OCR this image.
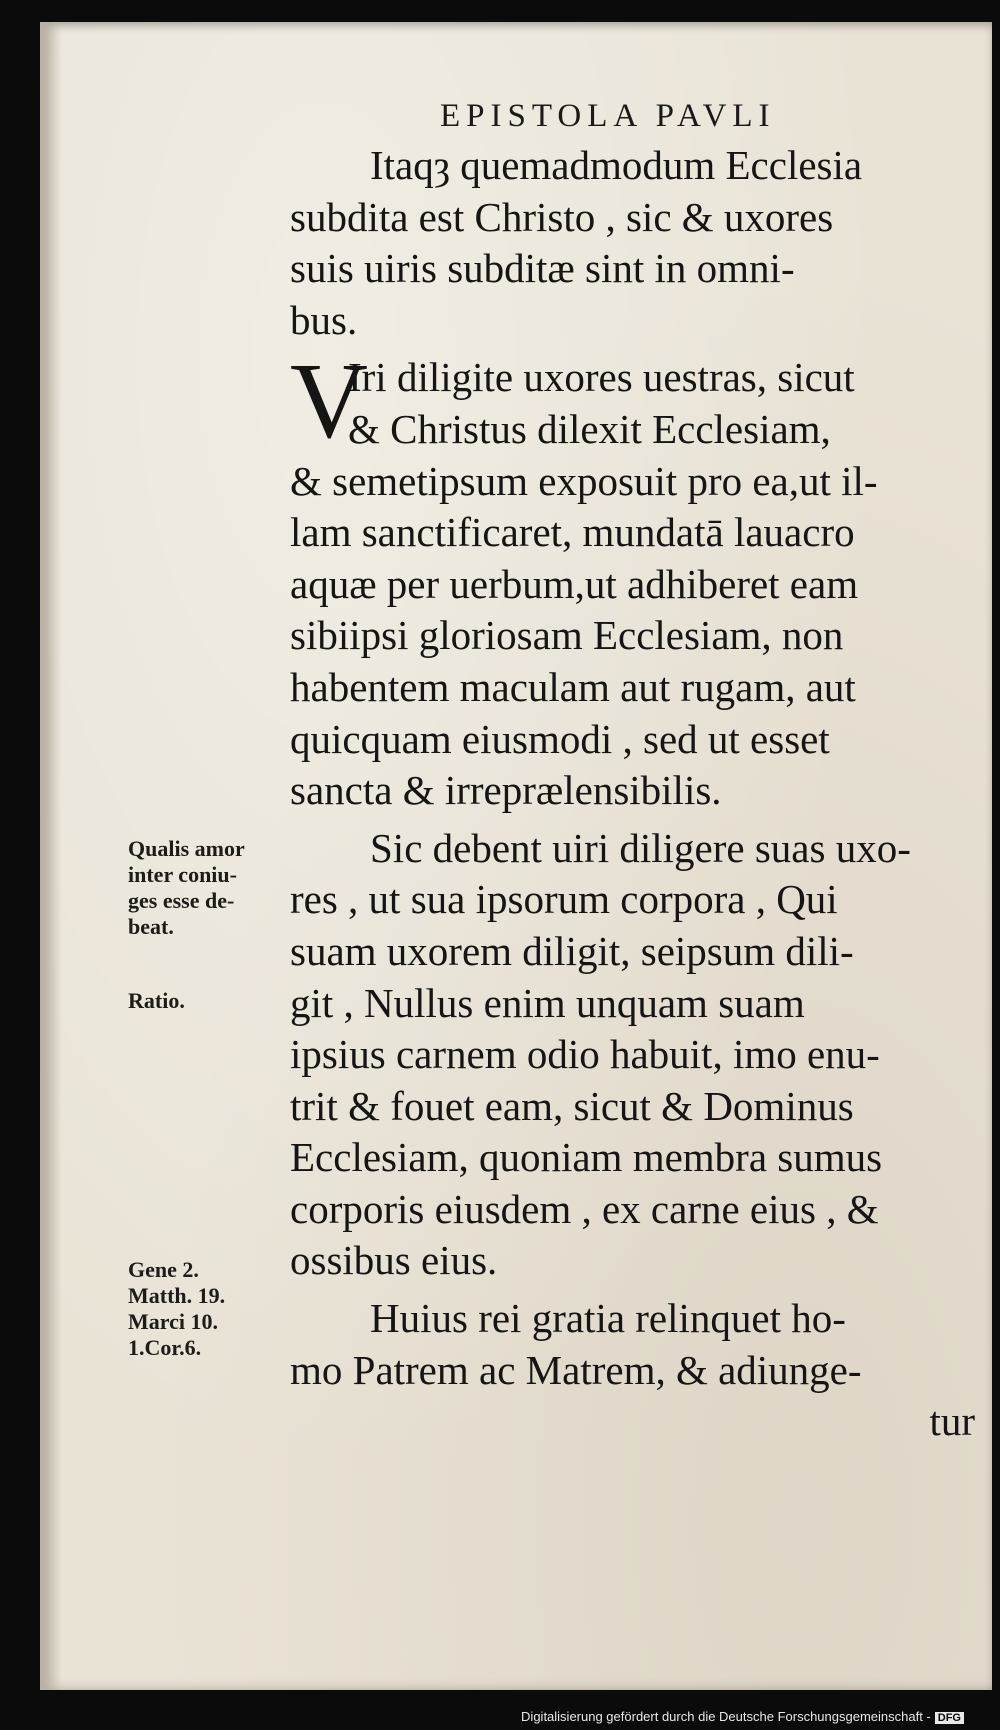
EPISTOLA PAVLI
Itaqȝ quemadmodum Ecclesia
subdita est Christo , sic & uxores
suis uiris subditæ sint in omni-
bus.
V
Iri diligite uxores uestras, sicut
& Christus dilexit Ecclesiam,
& semetipsum exposuit pro ea,ut il-
lam sanctificaret, mundatā lauacro
aquæ per uerbum,ut adhiberet eam
sibiipsi gloriosam Ecclesiam, non
habentem maculam aut rugam, aut
quicquam eiusmodi , sed ut esset
sancta & irreprælensibilis.
Sic debent uiri diligere suas uxo-
res , ut sua ipsorum corpora , Qui
suam uxorem diligit, seipsum dili-
git , Nullus enim unquam suam
ipsius carnem odio habuit, imo enu-
trit & fouet eam, sicut & Dominus
Ecclesiam, quoniam membra sumus
corporis eiusdem , ex carne eius , &
ossibus eius.
Huius rei gratia relinquet ho-
mo Patrem ac Matrem, & adiunge-
tur
Qualis amor
inter coniu-
ges esse de-
beat.
Ratio.
Gene 2.
Matth. 19.
Marci 10.
1.Cor.6.
Digitalisierung gefördert durch die Deutsche Forschungsgemeinschaft - DFG
